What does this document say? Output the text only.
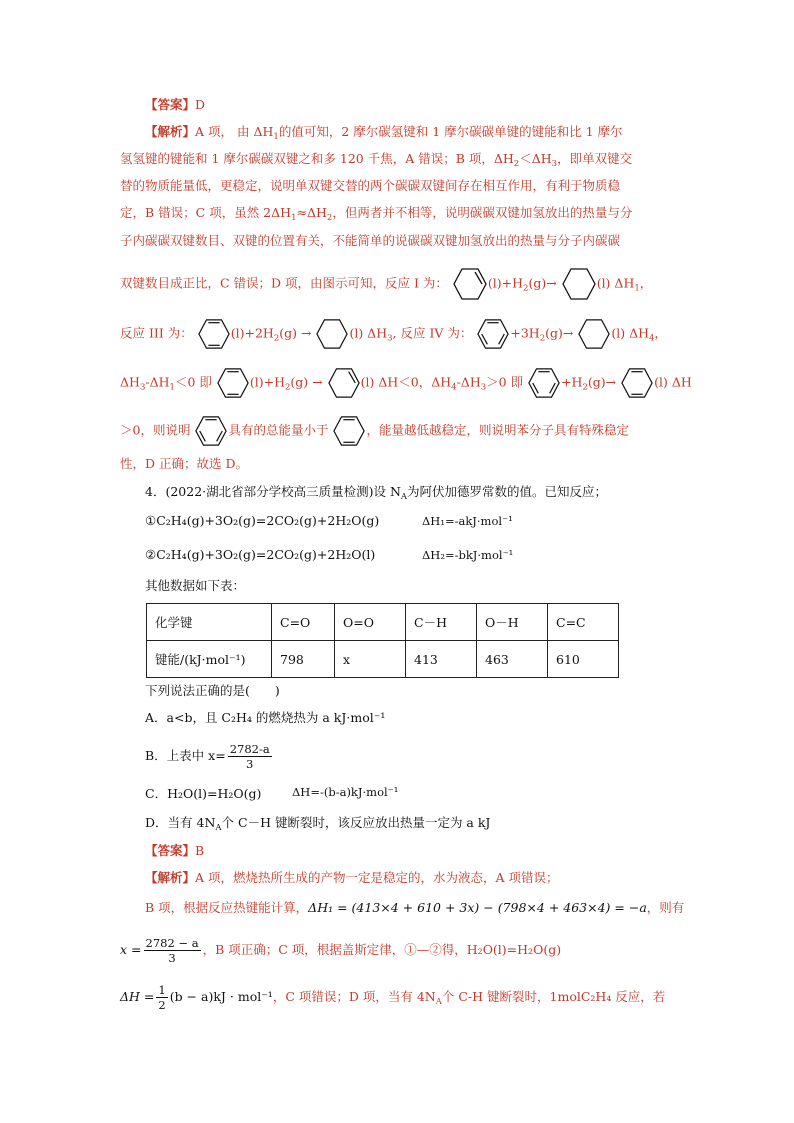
【答案】D
【解析】A 项， 由 $\Delta H_1$的值可知，2 摩尔碳氢键和 1 摩尔碳碳单键的键能和比 1 摩尔
氢氢键的键能和 1 摩尔碳碳双键之和多 120 千焦，A 错误；B 项，$\Delta H_2<\Delta H_3$，即单双键交
替的物质能量低，更稳定，说明单双键交替的两个碳碳双键间存在相互作用，有利于物质稳
定，B 错误；C 项，虽然 $2\Delta H_1\approx\Delta H_2$，但两者并不相等，说明碳碳双键加氢放出的热量与分
子内碳碳双键数目、双键的位置有关，不能简单的说碳碳双键加氢放出的热量与分子内碳碳
双键数目成正比，C 错误；D 项，由图示可知，反应 I 为：	$(l)+H_2(g)\to$	(l) $\Delta H_1$，
反应 III 为：	$(l)+2H_2(g)$ →	(l) $\Delta H_3$, 反应 IV 为：	$+3H_2(g)\to$	(l) $\Delta H_4$，
$\Delta H_3-\Delta H_1<0$ 即	$(l)+H_2(g)$ →	(l) ΔH＜0，$\Delta H_4-\Delta H_3>0$ 即	$+H_2(g)\to$	(l) ΔH
＞0，则说明	具有的总能量小于	，能量越低越稳定，则说明苯分子具有特殊稳定
性，D 正确；故选 D。
4．(2022·湖北省部分学校高三质量检测)设 $N_A$为阿伏加德罗常数的值。已知反应；
①C₂H₄(g)+3O₂(g)=2CO₂(g)+2H₂O(g)	ΔH₁=-akJ·mol⁻¹
②C₂H₄(g)+3O₂(g)=2CO₂(g)+2H₂O(l)	ΔH₂=-bkJ·mol⁻¹
其他数据如下表：
化学键	C=O	O=O	C－H	O－H	C=C
键能/(kJ·mol⁻¹)	798	x	413	463	610
下列说法正确的是(　　)
A．a<b，且 C₂H₄ 的燃烧热为 a kJ·mol⁻¹
B．上表中 $x= \frac{2782-a}{3}$
C．H₂O(l)=H₂O(g)	ΔH=-(b-a)kJ·mol⁻¹
D．当有 $4N_A$个 C－H 键断裂时，该反应放出热量一定为 a kJ
【答案】B
【解析】A 项，燃烧热所生成的产物一定是稳定的，水为液态，A 项错误；
B 项，根据反应热键能计算，ΔH₁ = (413×4 + 610 + 3x) − (798×4 + 463×4) = −a，则有
$x = \frac{2782 - a}{3}$ ，B 项正确；C 项，根据盖斯定律，①—②得，H₂O(l)=H₂O(g)
$\Delta H = \frac{1}{2} (b - a)kJ \cdot mol^{-1}$，C 项错误；D 项，当有 $4N_A$个 C-H 键断裂时，1molC₂H₄ 反应，若
